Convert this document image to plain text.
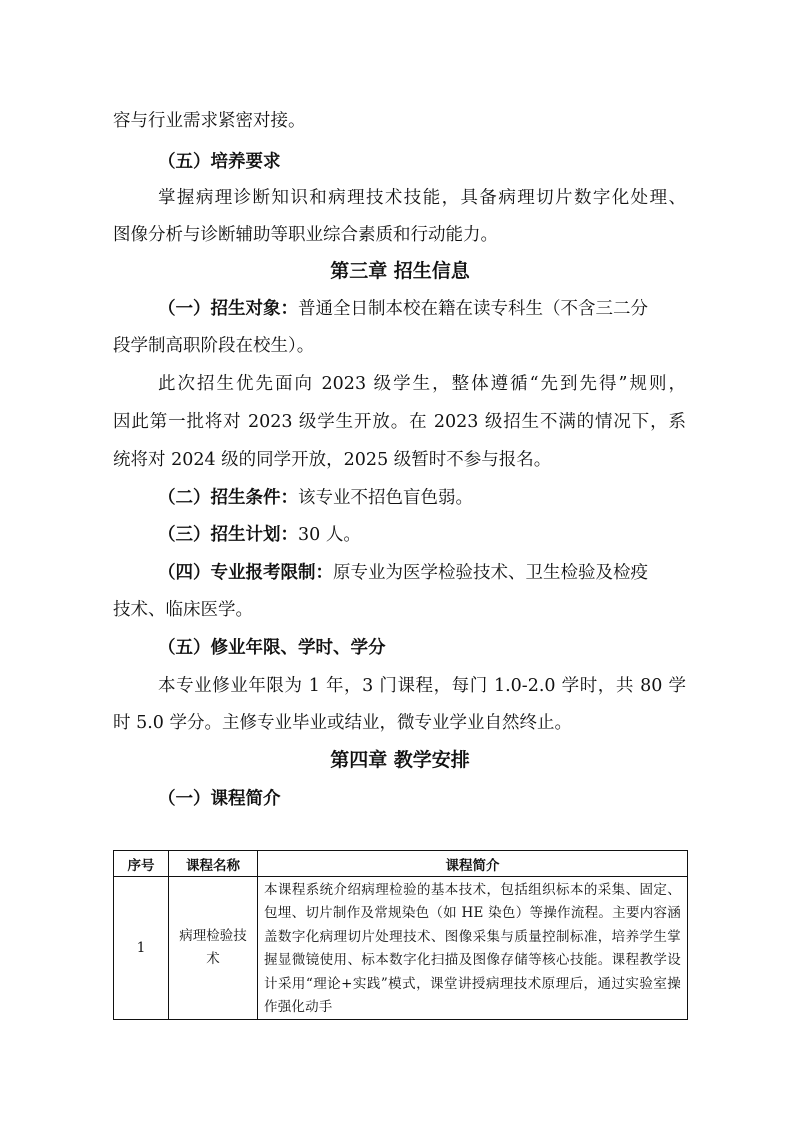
容与行业需求紧密对接。
（五）培养要求
掌握病理诊断知识和病理技术技能，具备病理切片数字化处理、
图像分析与诊断辅助等职业综合素质和行动能力。
第三章 招生信息
（一）招生对象：普通全日制本校在籍在读专科生（不含三二分
段学制高职阶段在校生）。
此次招生优先面向 2023 级学生，整体遵循“先到先得”规则，
因此第一批将对 2023 级学生开放。在 2023 级招生不满的情况下，系
统将对 2024 级的同学开放，2025 级暂时不参与报名。
（二）招生条件：该专业不招色盲色弱。
（三）招生计划：30 人。
（四）专业报考限制：原专业为医学检验技术、卫生检验及检疫
技术、临床医学。
（五）修业年限、学时、学分
本专业修业年限为 1 年，3 门课程，每门 1.0-2.0 学时，共 80 学
时 5.0 学分。主修专业毕业或结业，微专业学业自然终止。
第四章 教学安排
（一）课程简介
序号	课程名称	课程简介
1	病理检验技术	本课程系统介绍病理检验的基本技术，包括组织标本的采集、固定、包埋、切片制作及常规染色（如 HE 染色）等操作流程。主要内容涵盖数字化病理切片处理技术、图像采集与质量控制标准，培养学生掌握显微镜使用、标本数字化扫描及图像存储等核心技能。课程教学设计采用“理论+实践”模式，课堂讲授病理技术原理后，通过实验室操作强化动手
